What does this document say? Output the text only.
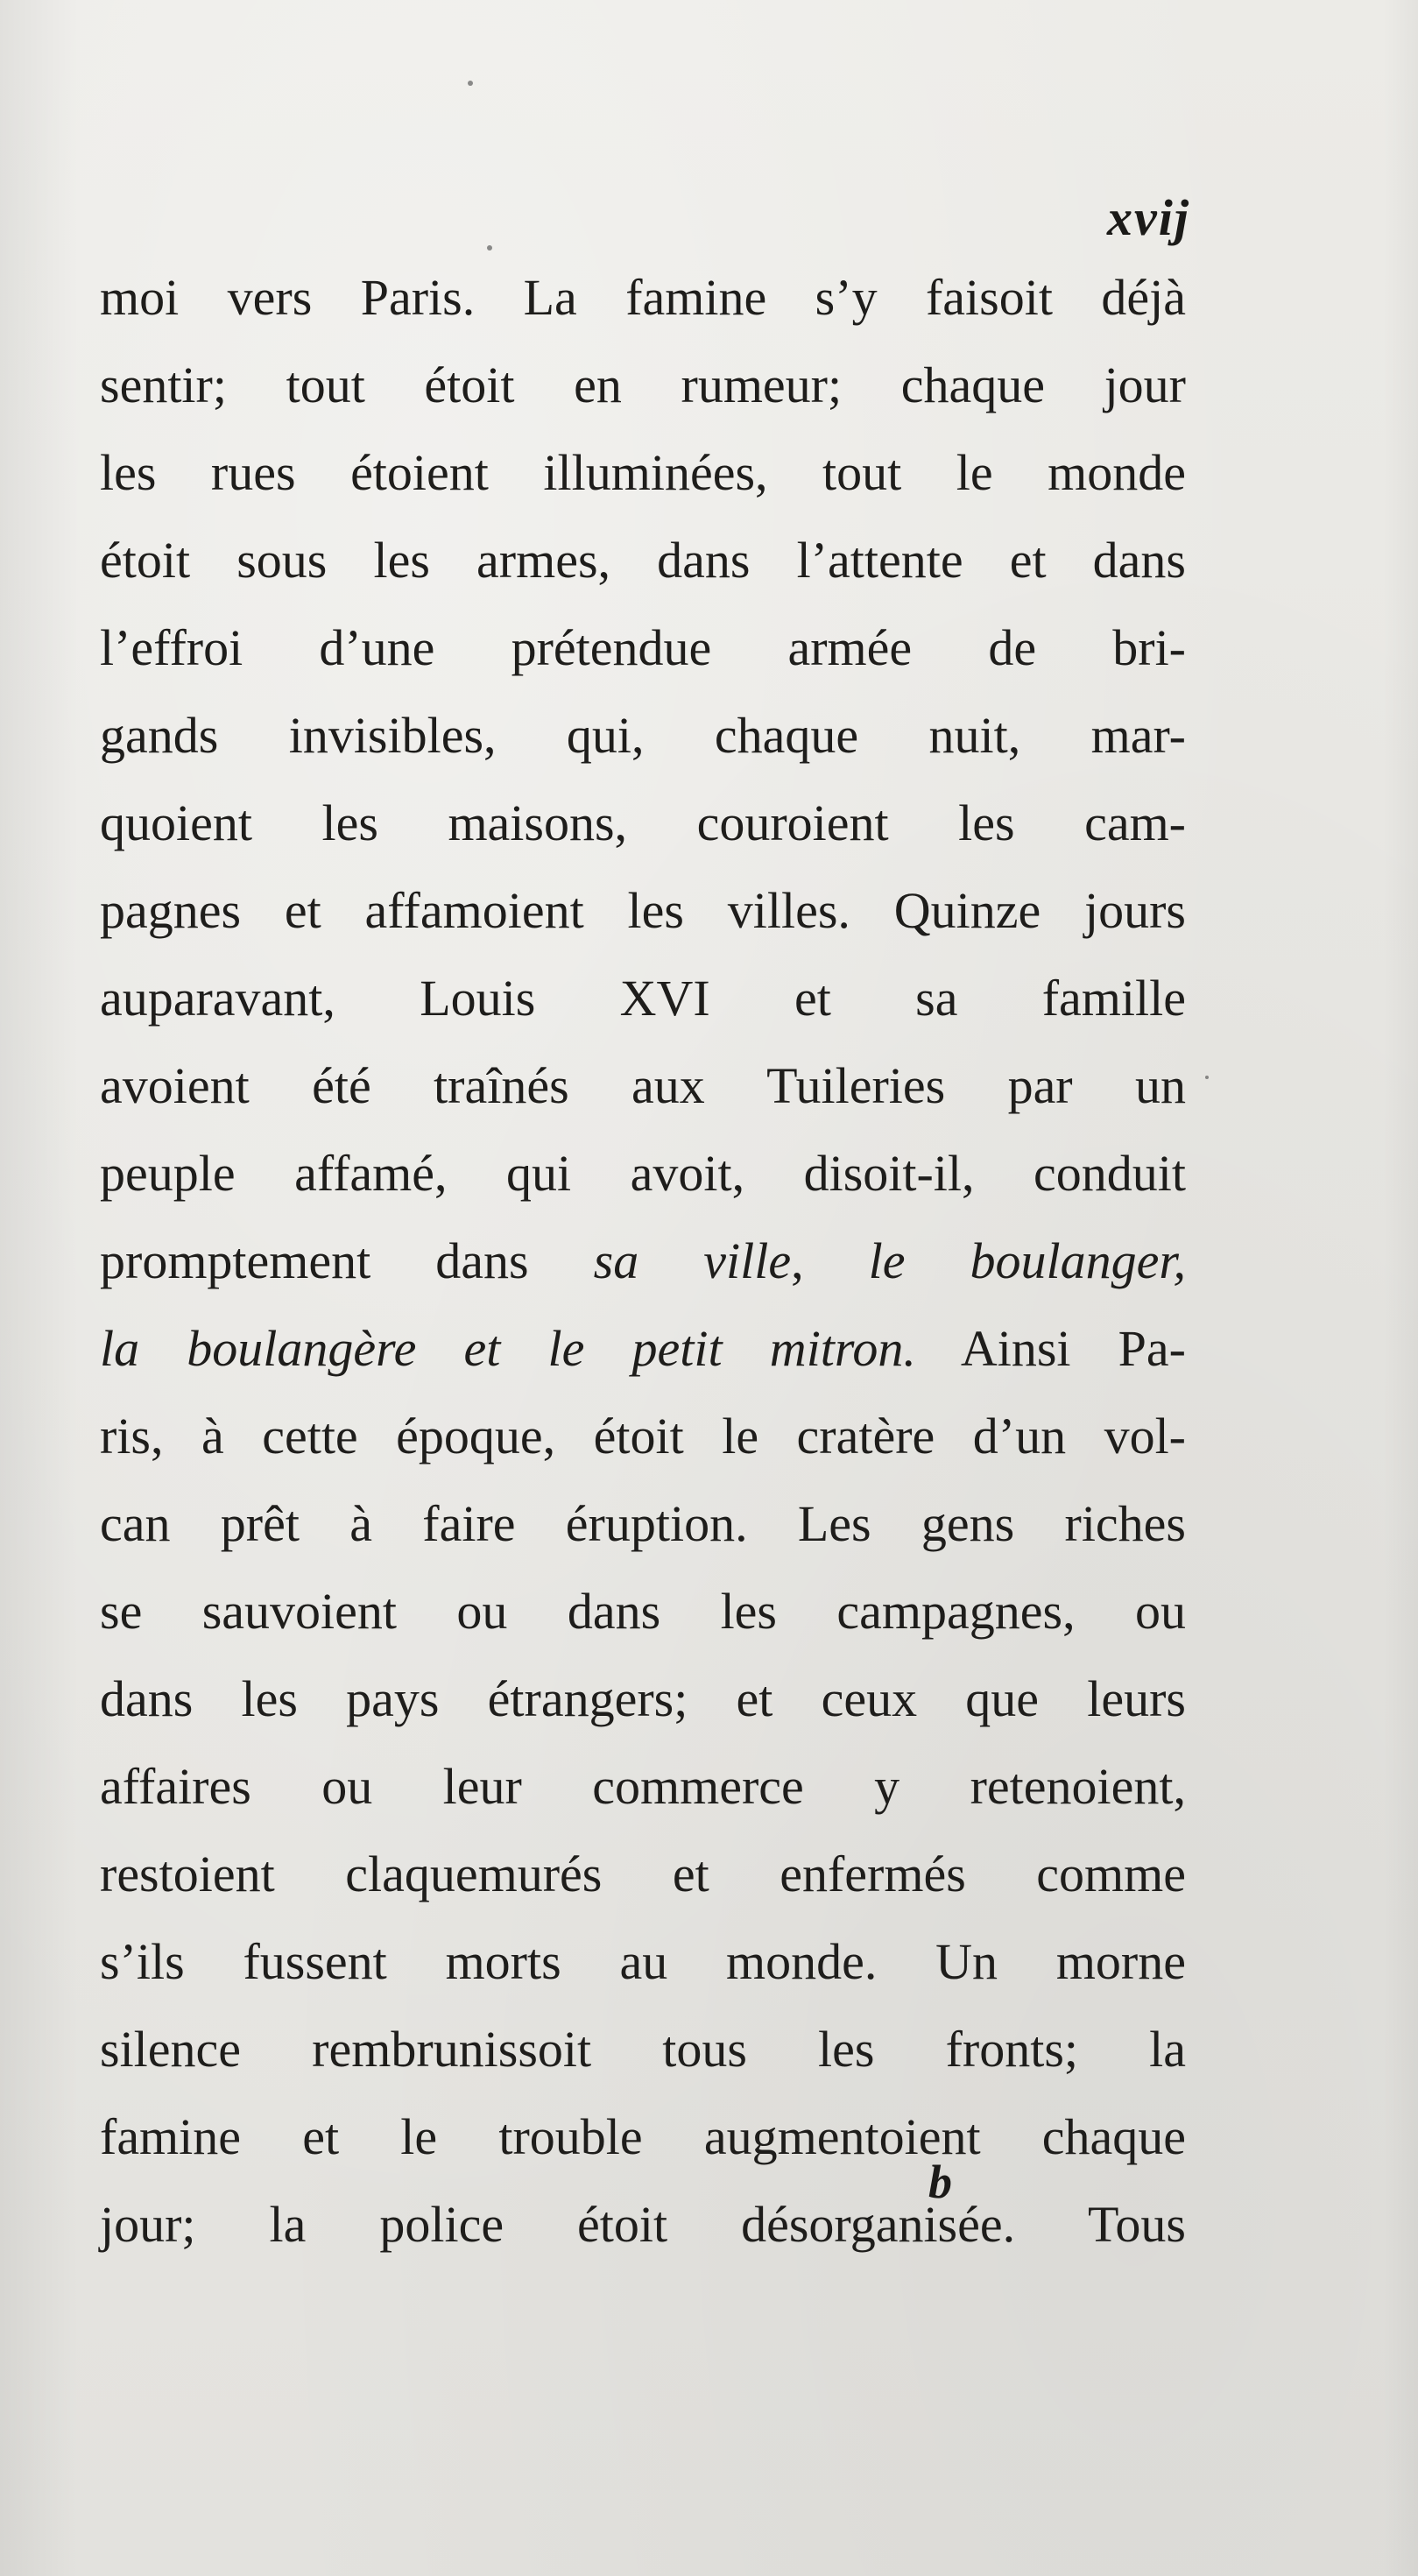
xvij
moi vers Paris. La famine s’y faisoit déjà
sentir; tout étoit en rumeur; chaque jour
les rues étoient illuminées, tout le monde
étoit sous les armes, dans l’attente et dans
l’effroi d’une prétendue armée de bri-
gands invisibles, qui, chaque nuit, mar-
quoient les maisons, couroient les cam-
pagnes et affamoient les villes. Quinze jours
auparavant, Louis XVI et sa famille
avoient été traînés aux Tuileries par un
peuple affamé, qui avoit, disoit-il, conduit
promptement dans sa ville, le boulanger,
la boulangère et le petit mitron. Ainsi Pa-
ris, à cette époque, étoit le cratère d’un vol-
can prêt à faire éruption. Les gens riches
se sauvoient ou dans les campagnes, ou
dans les pays étrangers; et ceux que leurs
affaires ou leur commerce y retenoient,
restoient claquemurés et enfermés comme
s’ils fussent morts au monde. Un morne
silence rembrunissoit tous les fronts; la
famine et le trouble augmentoient chaque
jour; la police étoit désorganisée. Tous
b
